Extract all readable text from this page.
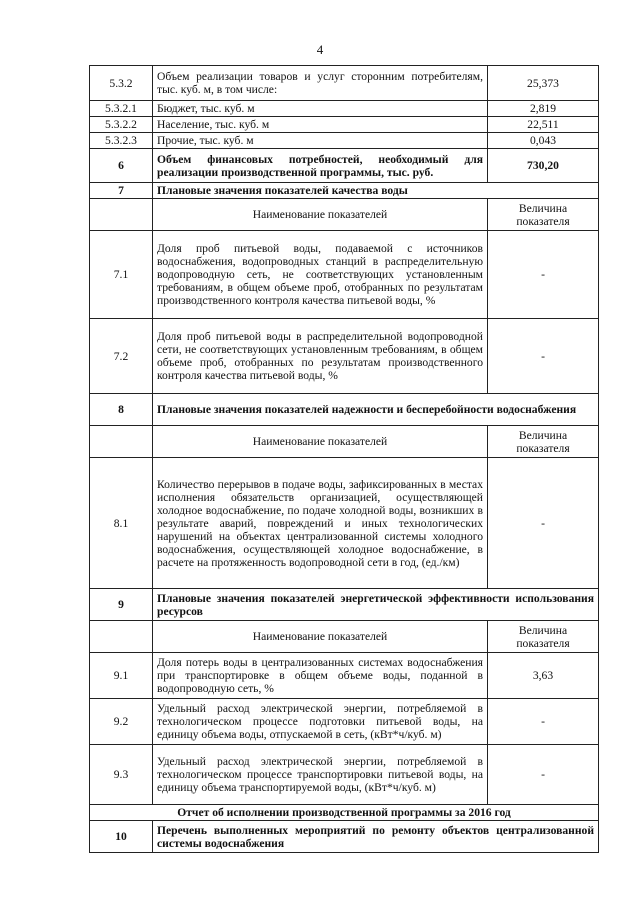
4
5.3.2	Объем реализации товаров и услуг сторонним потребителям, тыс. куб. м, в том числе:	25,373
5.3.2.1	Бюджет, тыс. куб. м	2,819
5.3.2.2	Население, тыс. куб. м	22,511
5.3.2.3	Прочие, тыс. куб. м	0,043
6	Объем финансовых потребностей, необходимый для реализации производственной программы, тыс. руб.	730,20
7	Плановые значения показателей качества воды	
	Наименование показателей	Величина показателя
7.1	Доля проб питьевой воды, подаваемой с источников водоснабжения, водопроводных станций в распределительную водопроводную сеть, не соответствующих установленным требованиям, в общем объеме проб, отобранных по результатам производственного контроля качества питьевой воды, %	-
7.2	Доля проб питьевой воды в распределительной водопроводной сети, не соответствующих установленным требованиям, в общем объеме проб, отобранных по результатам производственного контроля качества питьевой воды, %	-
8	Плановые значения показателей надежности и бесперебойности водоснабжения	
	Наименование показателей	Величина показателя
8.1	Количество перерывов в подаче воды, зафиксированных в местах исполнения обязательств организацией, осуществляющей холодное водоснабжение, по подаче холодной воды, возникших в результате аварий, повреждений и иных технологических нарушений на объектах централизованной системы холодного водоснабжения, осуществляющей холодное водоснабжение, в расчете на протяженность водопроводной сети в год, (ед./км)	-
9	Плановые значения показателей энергетической эффективности использования ресурсов	
	Наименование показателей	Величина показателя
9.1	Доля потерь воды в централизованных системах водоснабжения при транспортировке в общем объеме воды, поданной в водопроводную сеть, %	3,63
9.2	Удельный расход электрической энергии, потребляемой в технологическом процессе подготовки питьевой воды, на единицу объема воды, отпускаемой в сеть, (кВт*ч/куб. м)	-
9.3	Удельный расход электрической энергии, потребляемой в технологическом процессе транспортировки питьевой воды, на единицу объема транспортируемой воды, (кВт*ч/куб. м)	-
Отчет об исполнении производственной программы за 2016 год		
10	Перечень выполненных мероприятий по ремонту объектов централизованной системы водоснабжения	
